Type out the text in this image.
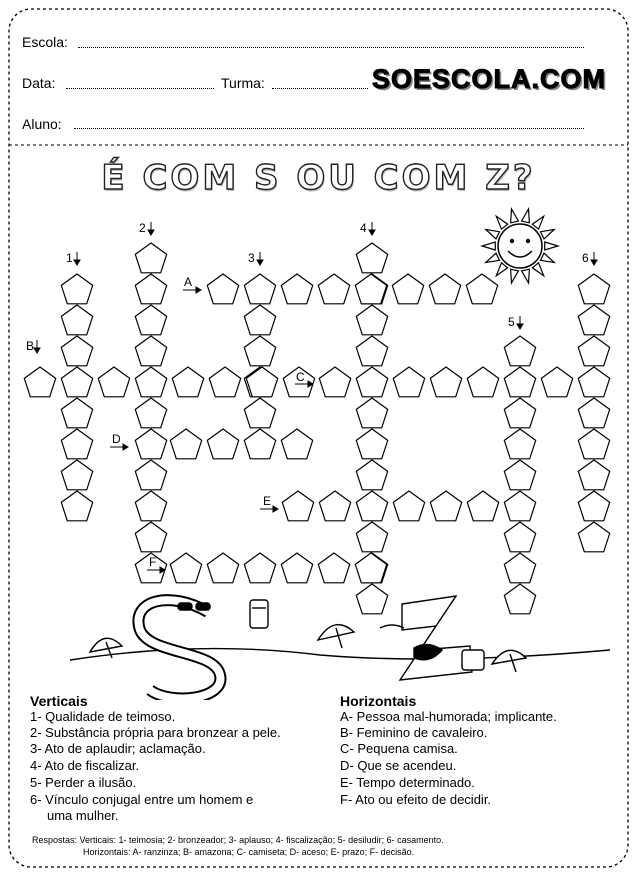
Escola:
Data:	Turma:	SOESCOLA.COM
Aluno:
É COM S OU COM Z?
1
2
3
4
5
6
A
B
C
D
E
F
Verticais
1- Qualidade de teimoso.
2- Substância própria para bronzear a pele.
3- Ato de aplaudir; aclamação.
4- Ato de fiscalizar.
5- Perder a ilusão.
6- Vínculo conjugal entre um homem e
uma mulher.
Horizontais
A- Pessoa mal-humorada; implicante.
B- Feminino de cavaleiro.
C- Pequena camisa.
D- Que se acendeu.
E- Tempo determinado.
F- Ato ou efeito de decidir.
Respostas: Verticais: 1- teimosia; 2- bronzeador; 3- aplauso; 4- fiscalização; 5- desiludir; 6- casamento.
Horizontais: A- ranzinza; B- amazona; C- camiseta; D- aceso; E- prazo; F- decisão.
